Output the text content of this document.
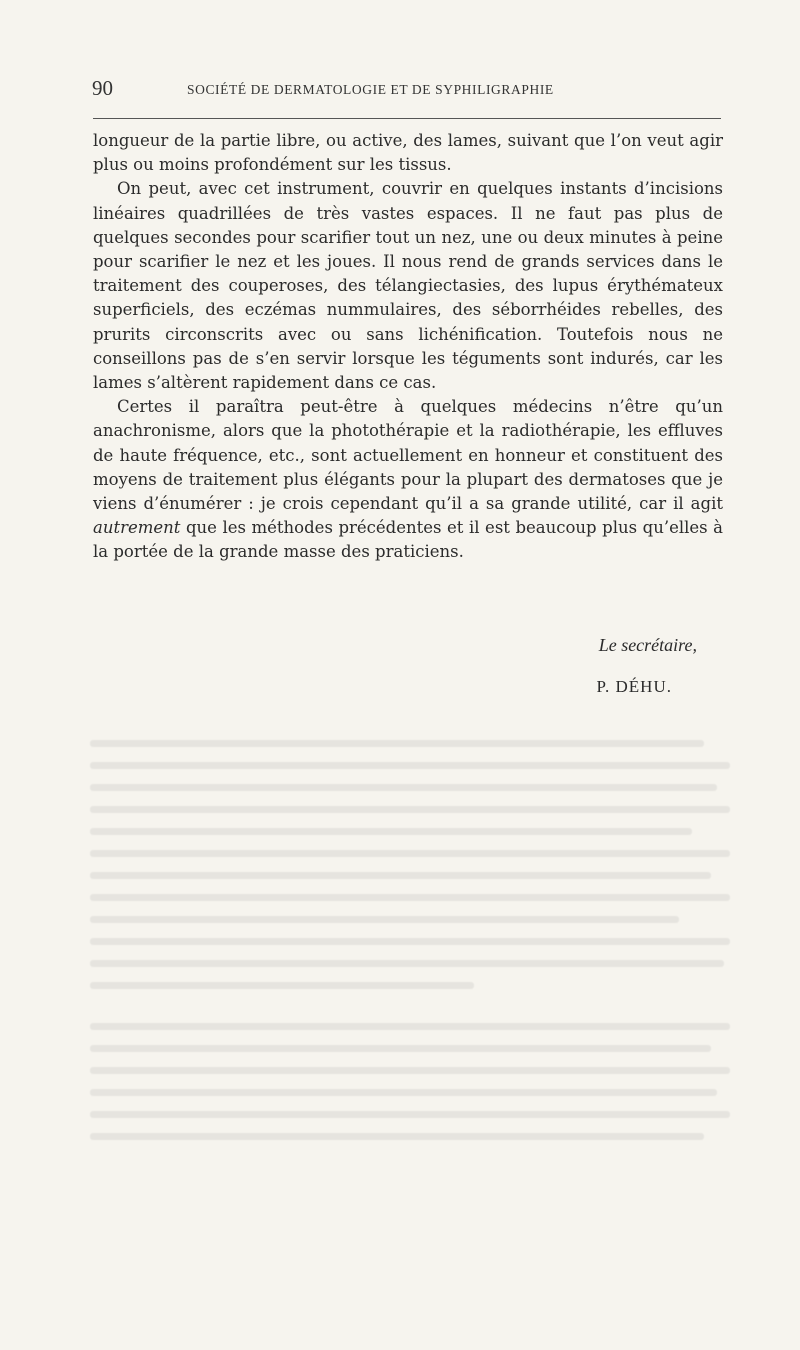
90	SOCIÉTÉ DE DERMATOLOGIE ET DE SYPHILIGRAPHIE

longueur de la partie libre, ou active, des lames, suivant que l’on veut agir plus ou moins profondément sur les tissus.

On peut, avec cet instrument, couvrir en quelques instants d’incisions linéaires quadrillées de très vastes espaces. Il ne faut pas plus de quelques secondes pour scarifier tout un nez, une ou deux minutes à peine pour scarifier le nez et les joues. Il nous rend de grands services dans le traitement des couperoses, des télangiectasies, des lupus érythémateux superficiels, des eczémas nummulaires, des séborrhéides rebelles, des prurits circonscrits avec ou sans lichénification. Toutefois nous ne conseillons pas de s’en servir lorsque les téguments sont indurés, car les lames s’altèrent rapidement dans ce cas.

Certes il paraîtra peut-être à quelques médecins n’être qu’un anachronisme, alors que la photothérapie et la radiothérapie, les effluves de haute fréquence, etc., sont actuellement en honneur et constituent des moyens de traitement plus élégants pour la plupart des dermatoses que je viens d’énumérer : je crois cependant qu’il a sa grande utilité, car il agit autrement que les méthodes précédentes et il est beaucoup plus qu’elles à la portée de la grande masse des praticiens.

Le secrétaire,
P. DÉHU.
